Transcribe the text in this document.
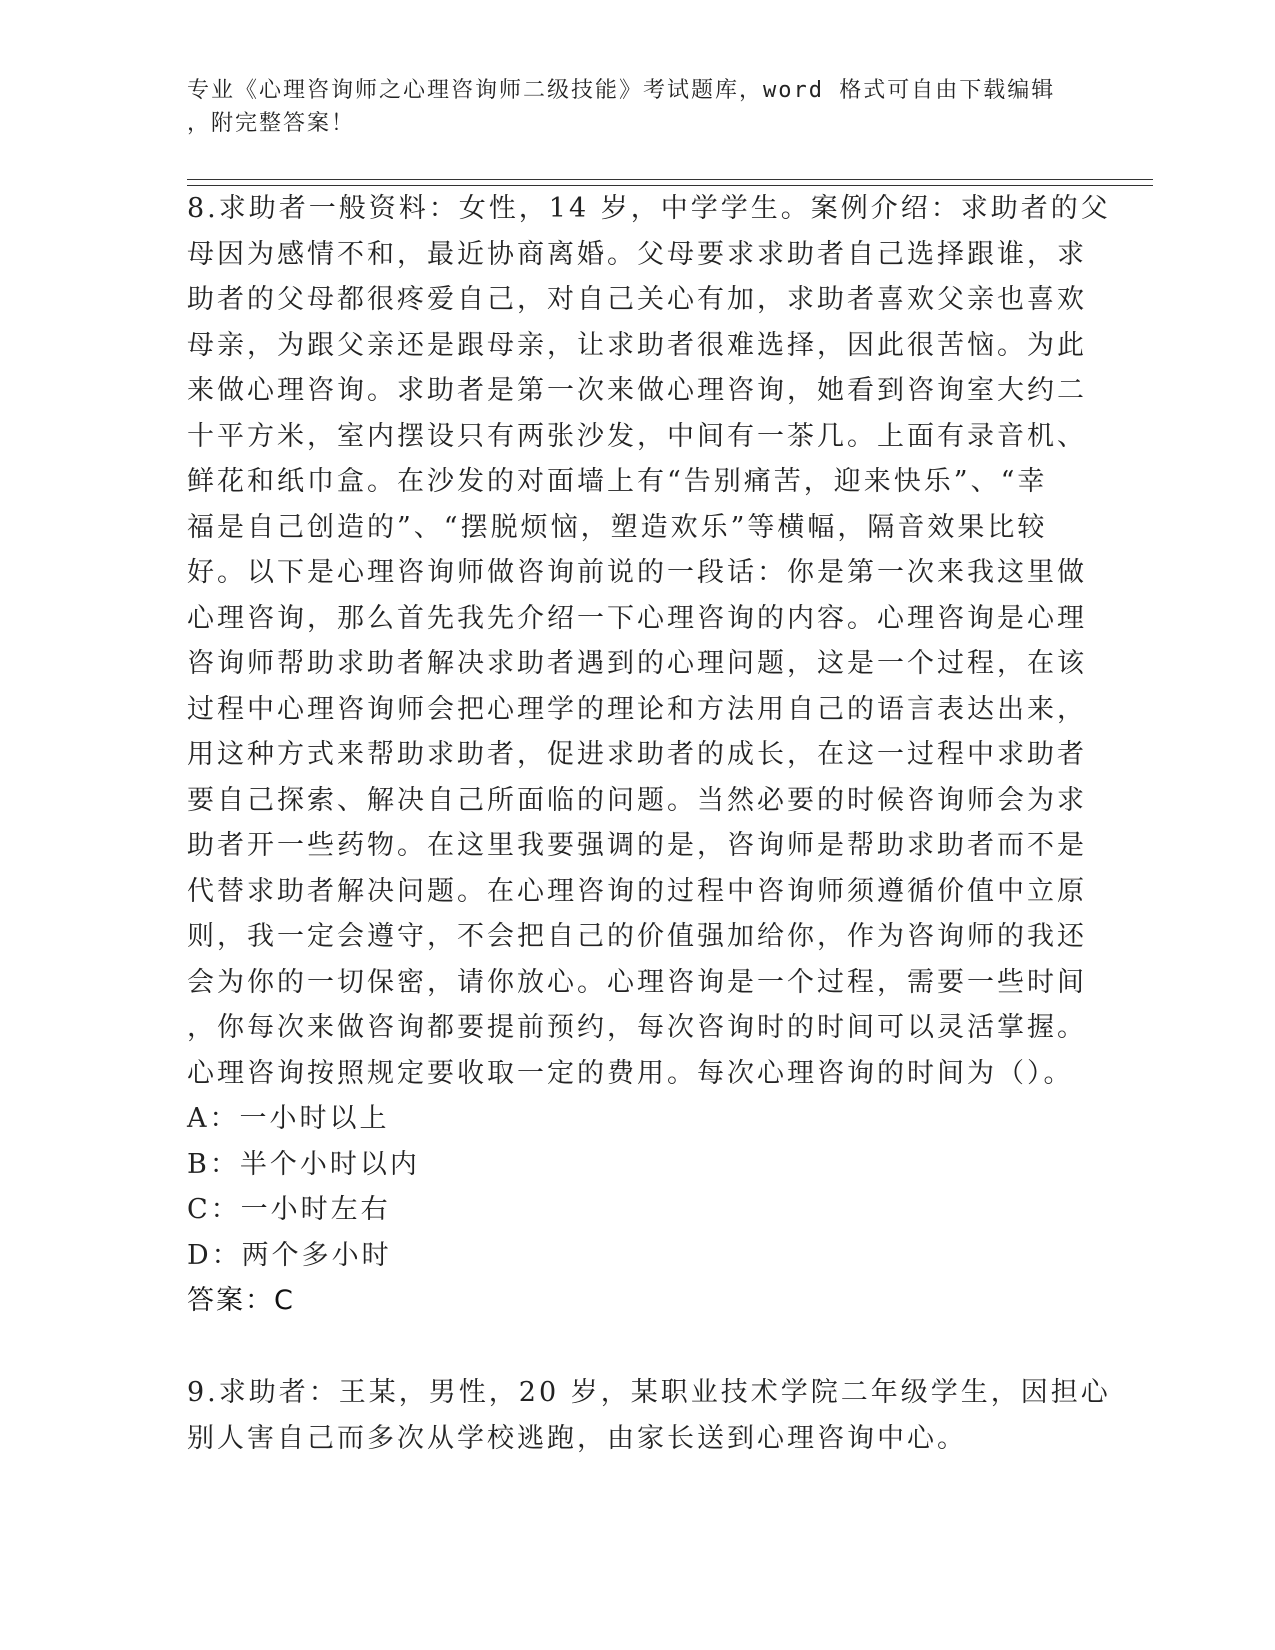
专业《心理咨询师之心理咨询师二级技能》考试题库，word 格式可自由下载编辑
，附完整答案！
8.求助者一般资料：女性，14 岁，中学学生。案例介绍：求助者的父
母因为感情不和，最近协商离婚。父母要求求助者自己选择跟谁，求
助者的父母都很疼爱自己，对自己关心有加，求助者喜欢父亲也喜欢
母亲，为跟父亲还是跟母亲，让求助者很难选择，因此很苦恼。为此
来做心理咨询。求助者是第一次来做心理咨询，她看到咨询室大约二
十平方米，室内摆设只有两张沙发，中间有一茶几。上面有录音机、
鲜花和纸巾盒。在沙发的对面墙上有“告别痛苦，迎来快乐”、“幸
福是自己创造的”、“摆脱烦恼，塑造欢乐”等横幅，隔音效果比较
好。以下是心理咨询师做咨询前说的一段话：你是第一次来我这里做
心理咨询，那么首先我先介绍一下心理咨询的内容。心理咨询是心理
咨询师帮助求助者解决求助者遇到的心理问题，这是一个过程，在该
过程中心理咨询师会把心理学的理论和方法用自己的语言表达出来，
用这种方式来帮助求助者，促进求助者的成长，在这一过程中求助者
要自己探索、解决自己所面临的问题。当然必要的时候咨询师会为求
助者开一些药物。在这里我要强调的是，咨询师是帮助求助者而不是
代替求助者解决问题。在心理咨询的过程中咨询师须遵循价值中立原
则，我一定会遵守，不会把自己的价值强加给你，作为咨询师的我还
会为你的一切保密，请你放心。心理咨询是一个过程，需要一些时间
，你每次来做咨询都要提前预约，每次咨询时的时间可以灵活掌握。
心理咨询按照规定要收取一定的费用。每次心理咨询的时间为（）。
A：一小时以上
B：半个小时以内
C：一小时左右
D：两个多小时
答案：C
9.求助者：王某，男性，20 岁，某职业技术学院二年级学生，因担心
别人害自己而多次从学校逃跑，由家长送到心理咨询中心。
